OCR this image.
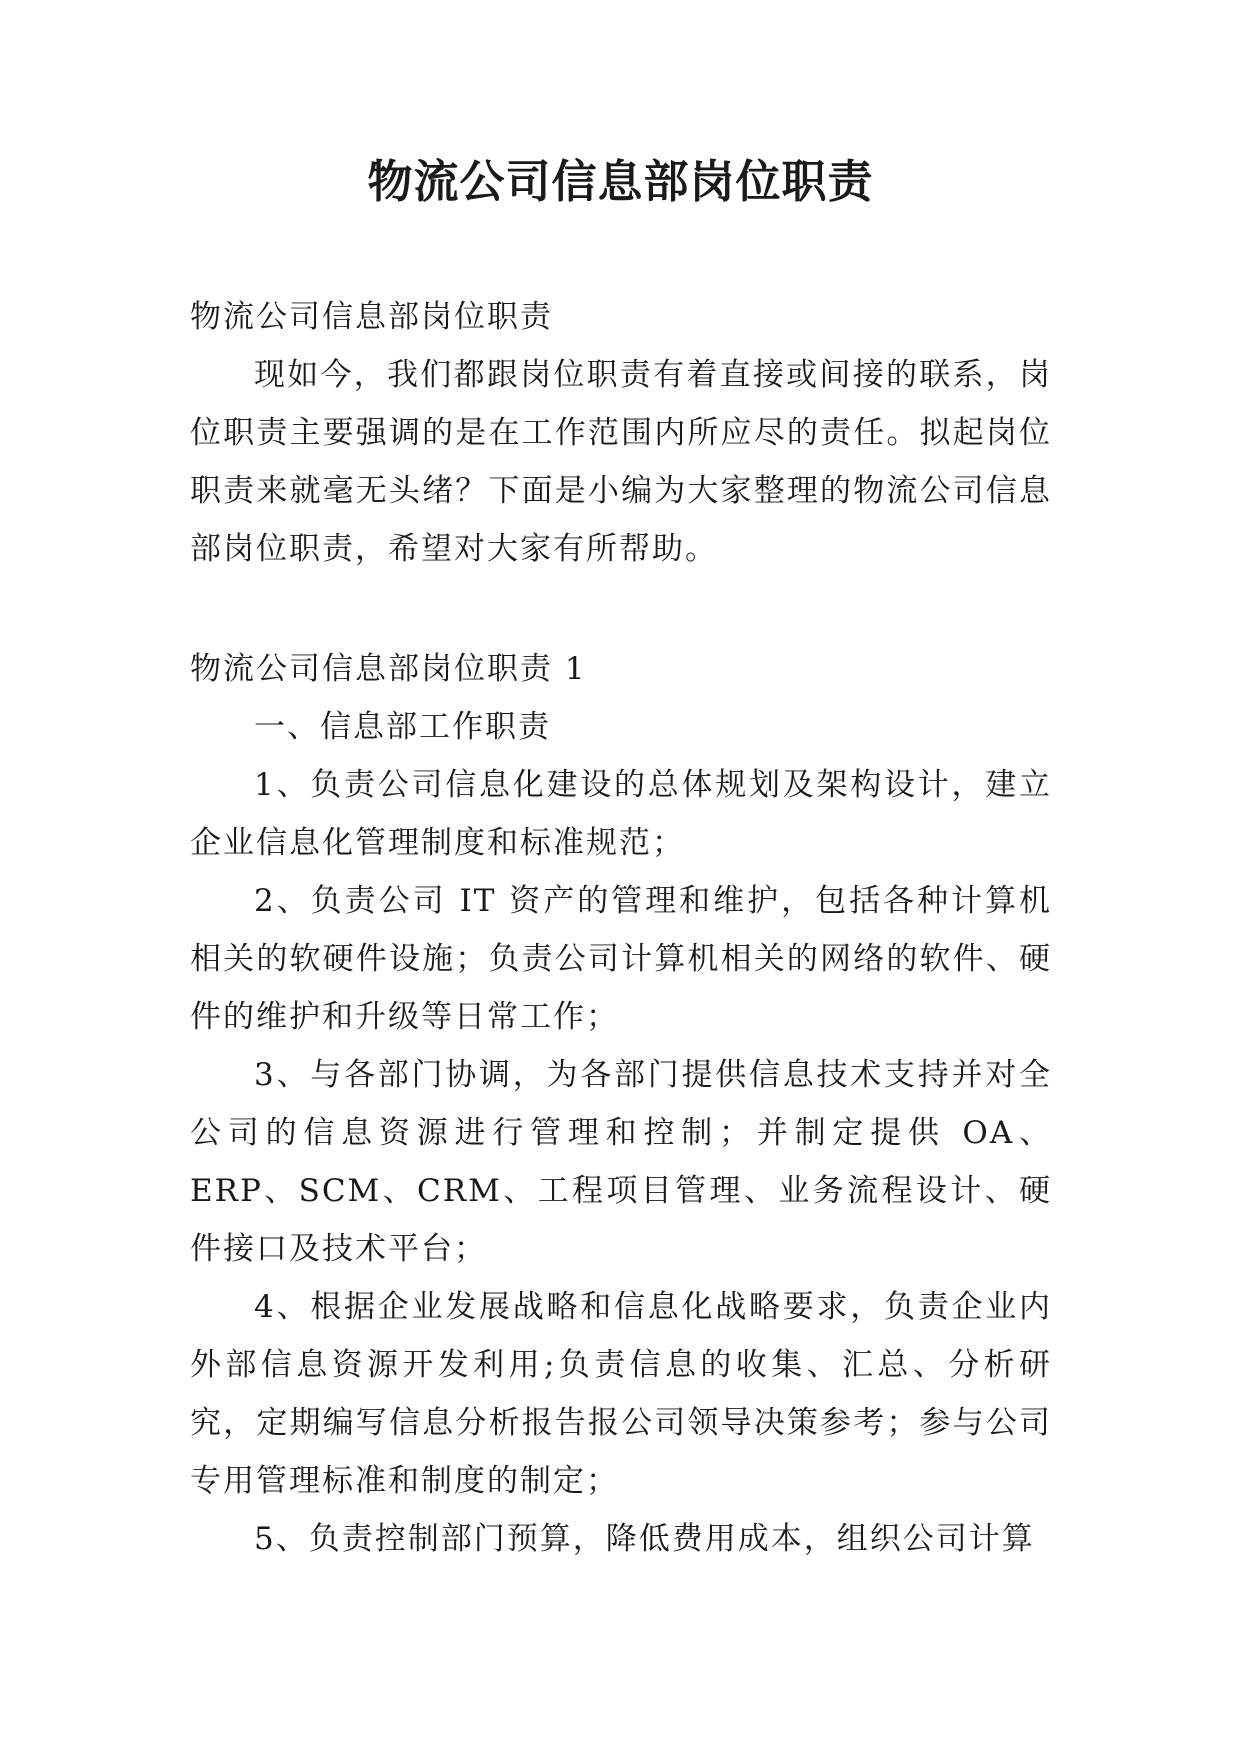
物流公司信息部岗位职责

物流公司信息部岗位职责

现如今，我们都跟岗位职责有着直接或间接的联系，岗位职责主要强调的是在工作范围内所应尽的责任。拟起岗位职责来就毫无头绪？下面是小编为大家整理的物流公司信息部岗位职责，希望对大家有所帮助。

物流公司信息部岗位职责 1

一、信息部工作职责

1、负责公司信息化建设的总体规划及架构设计，建立企业信息化管理制度和标准规范；

2、负责公司 IT 资产的管理和维护，包括各种计算机相关的软硬件设施；负责公司计算机相关的网络的软件、硬件的维护和升级等日常工作；

3、与各部门协调，为各部门提供信息技术支持并对全公司的信息资源进行管理和控制；并制定提供 OA、ERP、SCM、CRM、工程项目管理、业务流程设计、硬件接口及技术平台；

4、根据企业发展战略和信息化战略要求，负责企业内外部信息资源开发利用;负责信息的收集、汇总、分析研究，定期编写信息分析报告报公司领导决策参考；参与公司专用管理标准和制度的制定；

5、负责控制部门预算，降低费用成本，组织公司计算
